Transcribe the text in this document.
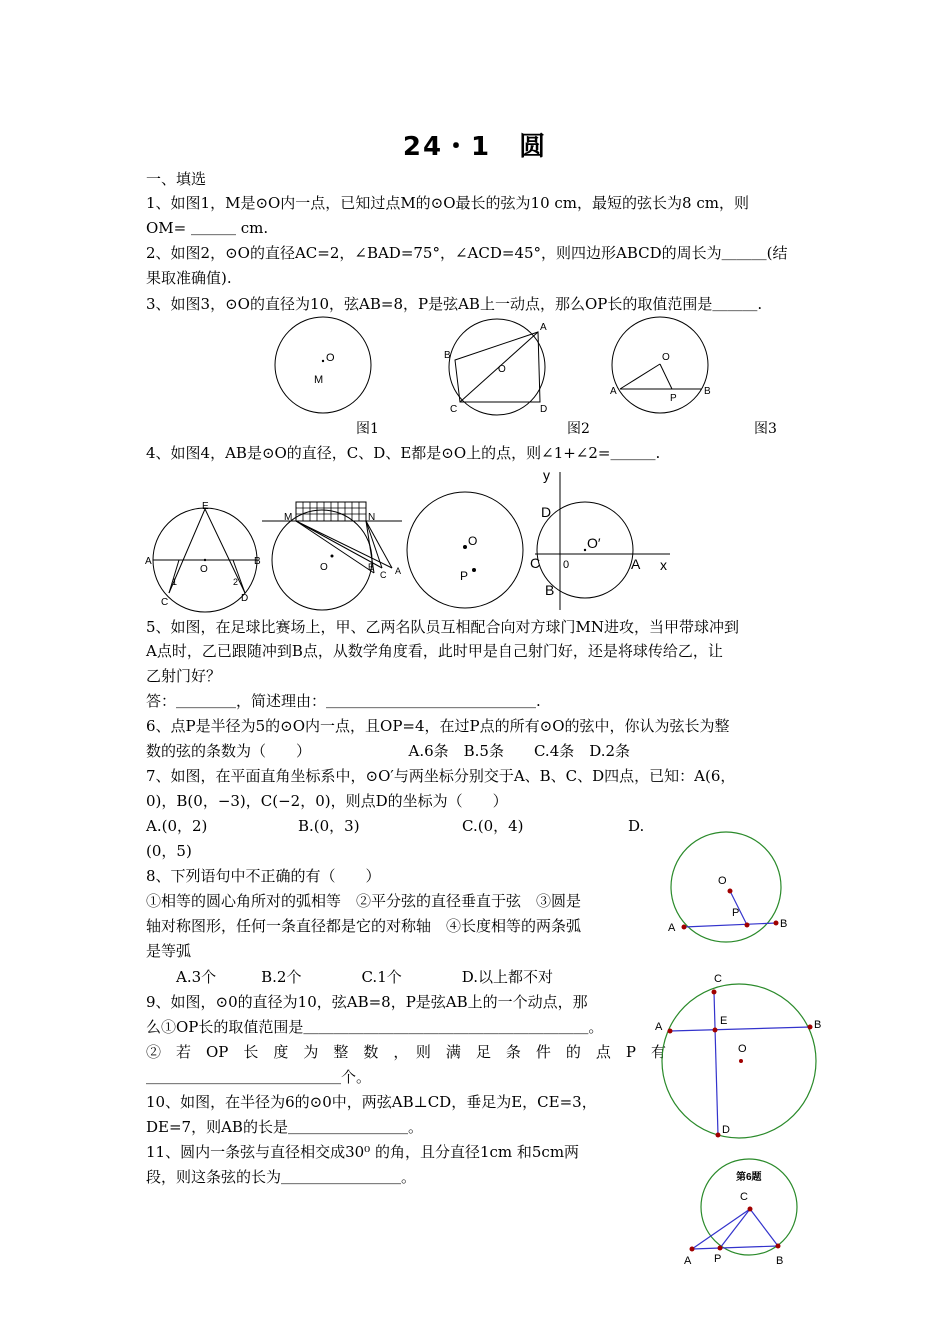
24・1　圆
一、填选
1、如图1，M是⊙O内一点，已知过点M的⊙O最长的弦为10 cm，最短的弦长为8 cm，则
OM= ＿＿＿ cm.
2、如图2，⊙O的直径AC=2，∠BAD=75°，∠ACD=45°，则四边形ABCD的周长为＿＿＿(结
果取准确值).
3、如图3，⊙O的直径为10，弦AB=8，P是弦AB上一动点，那么OP长的取值范围是＿＿＿.
O
M
A
B
C	D
O
O
A
P
B
图1	图2	图3
4、如图4，AB是⊙O的直径，C、D、E都是⊙O上的点，则∠1+∠2=＿＿＿.
E
A
O
B
C	D
1	2
M	N
O	B
C A
O
P
y
D
O′
C 0	A x
B
5、如图，在足球比赛场上，甲、乙两名队员互相配合向对方球门MN进攻，当甲带球冲到
A点时，乙已跟随冲到B点，从数学角度看，此时甲是自己射门好，还是将球传给乙，让
乙射门好？
答：＿＿＿＿，简述理由：＿＿＿＿＿＿＿＿＿＿＿＿＿＿.
6、点P是半径为5的⊙O内一点，且OP=4，在过P点的所有⊙O的弦中，你认为弦长为整
数的弦的条数为（　　）　　　　　　　A.6条　B.5条　　C.4条　D.2条
7、如图，在平面直角坐标系中，⊙O′与两坐标分别交于A、B、C、D四点，已知：A(6，
0)，B(0，−3)，C(−2，0)，则点D的坐标为（　　）
A.(0，2)	B.(0，3)	C.(0，4)	D.
(0，5)
8、下列语句中不正确的有（　　）
①相等的圆心角所对的弧相等　②平分弦的直径垂直于弦　③圆是
轴对称图形，任何一条直径都是它的对称轴　④长度相等的两条弧
是等弧
A.3个　　　B.2个　　　　C.1个　　　　D.以上都不对
9、如图，⊙0的直径为10，弦AB=8，P是弦AB上的一个动点，那
么①OP长的取值范围是＿＿＿＿＿＿＿＿＿＿＿＿＿＿＿＿＿＿＿。
②　若　OP　长　度　为　整　数　，　则　满　足　条　件　的　点　P　有
＿＿＿＿＿＿＿＿＿＿＿＿＿个。
10、如图，在半径为6的⊙0中，两弦AB⊥CD，垂足为E，CE=3，
DE=7，则AB的长是＿＿＿＿＿＿＿＿。
11、圆内一条弦与直径相交成30⁰ 的角，且分直径1cm 和5cm两
段，则这条弦的长为＿＿＿＿＿＿＿＿。
O
P
A	B
C
A	E	B
O
D
第6题
C
A P	B
